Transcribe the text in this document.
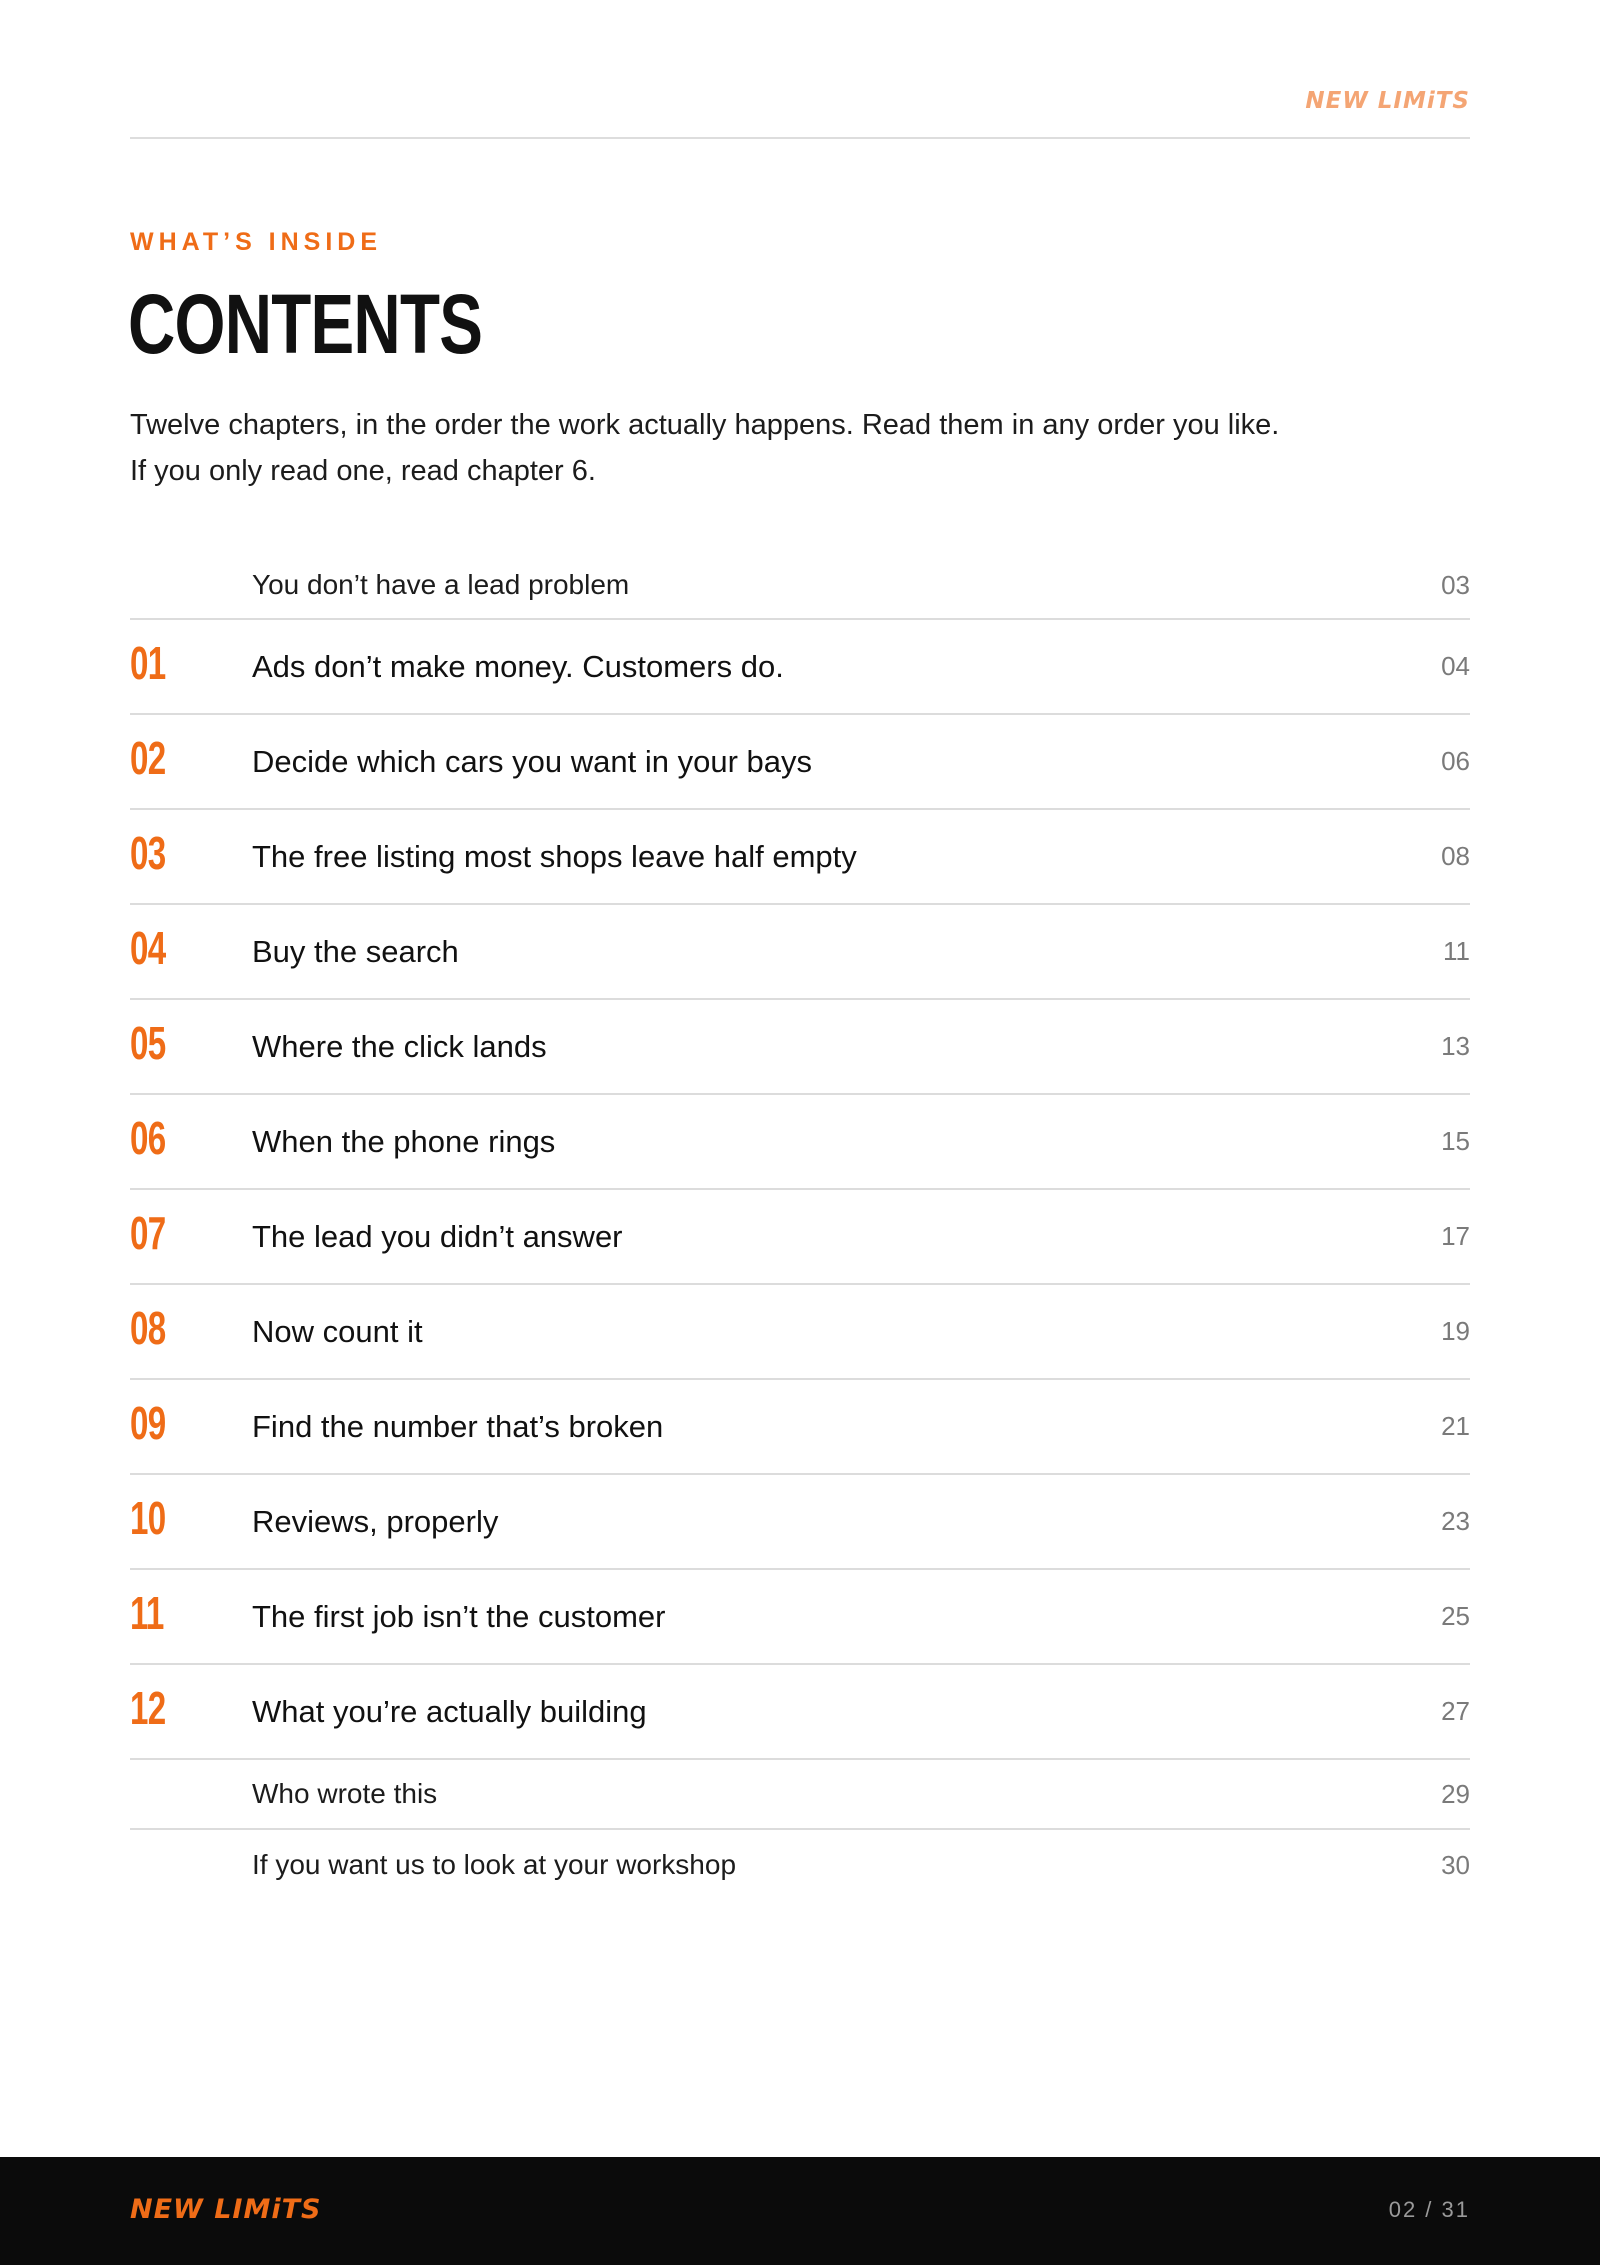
NEW LIMiTS
WHAT’S INSIDE
CONTENTS

Twelve chapters, in the order the work actually happens. Read them in any order you like. If you only read one, read chapter 6.

You don’t have a lead problem	03
01	Ads don’t make money. Customers do.	04
02	Decide which cars you want in your bays	06
03	The free listing most shops leave half empty	08
04	Buy the search	11
05	Where the click lands	13
06	When the phone rings	15
07	The lead you didn’t answer	17
08	Now count it	19
09	Find the number that’s broken	21
10	Reviews, properly	23
11	The first job isn’t the customer	25
12	What you’re actually building	27
Who wrote this	29
If you want us to look at your workshop	30
NEW LIMiTS	02 / 31
